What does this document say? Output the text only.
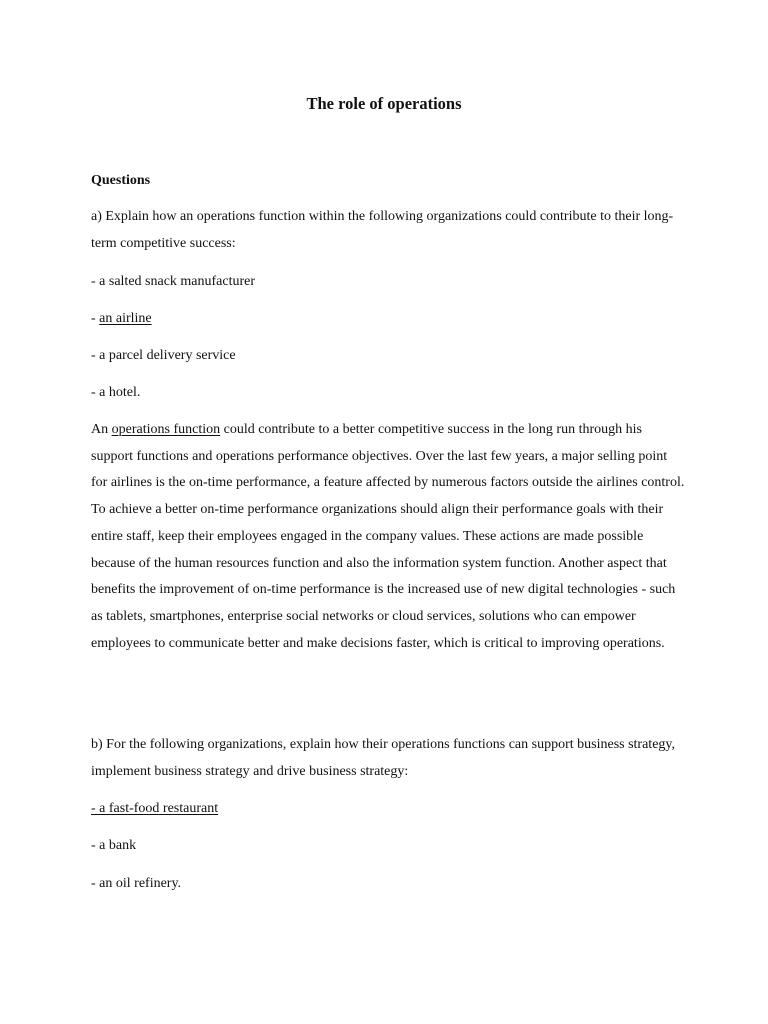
The role of operations
Questions

a) Explain how an operations function within the following organizations could contribute to their long-term competitive success:

- a salted snack manufacturer
- an airline
- a parcel delivery service
- a hotel.

An operations function could contribute to a better competitive success in the long run through his support functions and operations performance objectives. Over the last few years, a major selling point for airlines is the on-time performance, a feature affected by numerous factors outside the airlines control. To achieve a better on-time performance organizations should align their performance goals with their entire staff, keep their employees engaged in the company values. These actions are made possible because of the human resources function and also the information system function. Another aspect that benefits the improvement of on-time performance is the increased use of new digital technologies - such as tablets, smartphones, enterprise social networks or cloud services, solutions who can empower employees to communicate better and make decisions faster, which is critical to improving operations.

b) For the following organizations, explain how their operations functions can support business strategy, implement business strategy and drive business strategy:

- a fast-food restaurant
- a bank
- an oil refinery.
